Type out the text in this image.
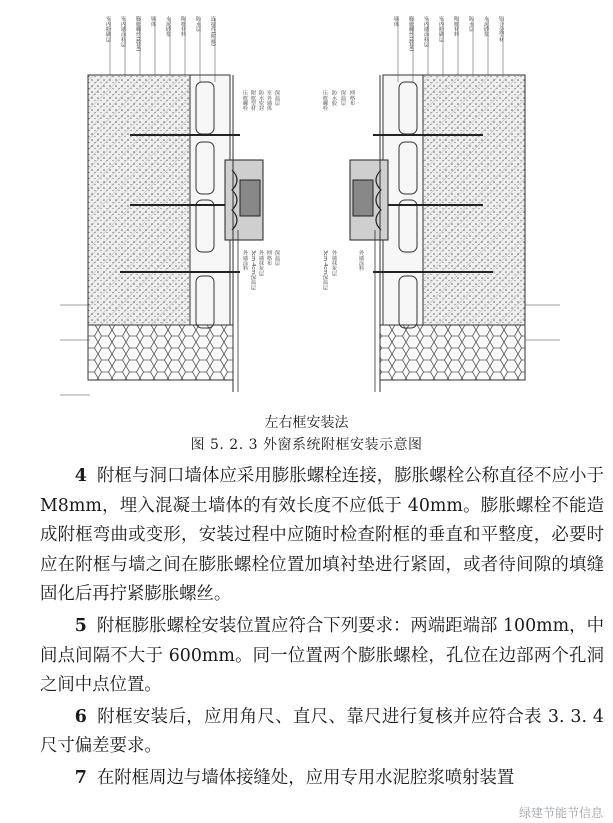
室内粉刷层 室内墙涂料层 膨胀螺丝(数量) 墙体 水泥砂浆 附框材料 防水层 连接件(附框)
压框螺栓 附框型材 防水密封 室外墙体 保温层
外墙涂料 3cm-4cm保温层 外墙抹灰层 网格布 保温层
墙体 膨胀螺丝(数量) 室内墙涂料层 室内粉刷层 附框材料 防水层 水泥砂浆 铝合金型材
压框螺栓 防水胶 保温层 网格布
外墙涂料
3cm-4cm保温层 外墙抹灰层
左右框安装法
图 5. 2. 3 外窗系统附框安装示意图

4 附框与洞口墙体应采用膨胀螺栓连接，膨胀螺栓公称直径不应小于 M8mm，埋入混凝土墙体的有效长度不应低于 40mm。膨胀螺栓不能造成附框弯曲或变形，安装过程中应随时检查附框的垂直和平整度，必要时应在附框与墙之间在膨胀螺栓位置加填衬垫进行紧固，或者待间隙的填缝固化后再拧紧膨胀螺丝。

5 附框膨胀螺栓安装位置应符合下列要求：两端距端部 100mm，中间点间隔不大于 600mm。同一位置两个膨胀螺栓，孔位在边部两个孔洞之间中点位置。

6 附框安装后，应用角尺、直尺、靠尺进行复核并应符合表 3. 3. 4 尺寸偏差要求。

7 在附框周边与墙体接缝处，应用专用水泥腔浆喷射装置

绿建节能节信息
